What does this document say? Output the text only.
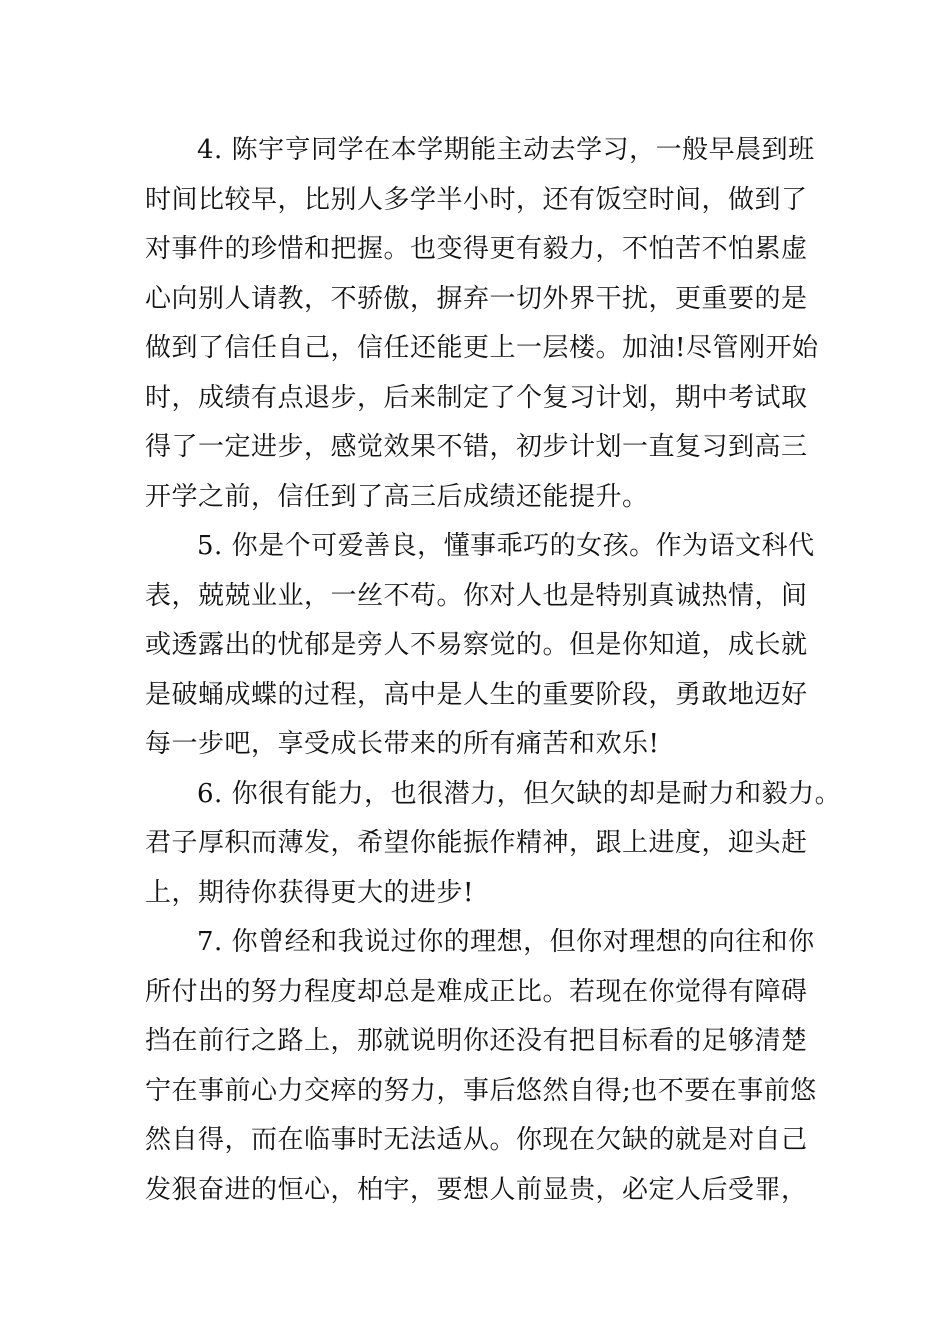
4. 陈宇亨同学在本学期能主动去学习，一般早晨到班
时间比较早，比别人多学半小时，还有饭空时间，做到了
对事件的珍惜和把握。也变得更有毅力，不怕苦不怕累虚
心向别人请教，不骄傲，摒弃一切外界干扰，更重要的是
做到了信任自己，信任还能更上一层楼。加油!尽管刚开始
时，成绩有点退步，后来制定了个复习计划，期中考试取
得了一定进步，感觉效果不错，初步计划一直复习到高三
开学之前，信任到了高三后成绩还能提升。
5. 你是个可爱善良，懂事乖巧的女孩。作为语文科代
表，兢兢业业，一丝不苟。你对人也是特别真诚热情，间
或透露出的忧郁是旁人不易察觉的。但是你知道，成长就
是破蛹成蝶的过程，高中是人生的重要阶段，勇敢地迈好
每一步吧，享受成长带来的所有痛苦和欢乐!
6. 你很有能力，也很潜力，但欠缺的却是耐力和毅力。
君子厚积而薄发，希望你能振作精神，跟上进度，迎头赶
上，期待你获得更大的进步!
7. 你曾经和我说过你的理想，但你对理想的向往和你
所付出的努力程度却总是难成正比。若现在你觉得有障碍
挡在前行之路上，那就说明你还没有把目标看的足够清楚
宁在事前心力交瘁的努力，事后悠然自得;也不要在事前悠
然自得，而在临事时无法适从。你现在欠缺的就是对自己
发狠奋进的恒心，柏宇，要想人前显贵，必定人后受罪，
